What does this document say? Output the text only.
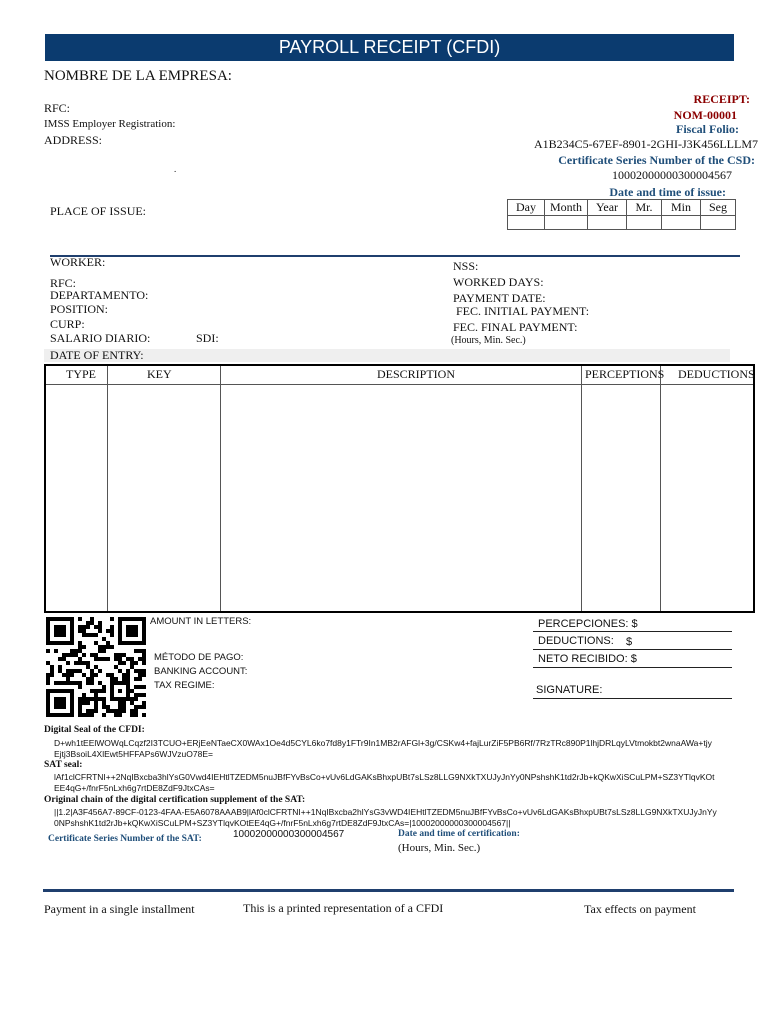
PAYROLL RECEIPT (CFDI)
NOMBRE DE LA EMPRESA:
RFC:
IMSS Employer Registration:
ADDRESS:
.
PLACE OF ISSUE:
RECEIPT:
NOM-00001
Fiscal Folio:
A1B234C5-67EF-8901-2GHI-J3K456LLLM7
Certificate Series Number of the CSD:
10002000000300004567
Date and time of issue:
Day	Month	Year	Mr.	Min	Seg

WORKER:
RFC:
DEPARTAMENTO:
POSITION:
CURP:
SALARIO DIARIO:	SDI:
DATE OF ENTRY:
NSS:
WORKED DAYS:
PAYMENT DATE:
FEC. INITIAL PAYMENT:
FEC. FINAL PAYMENT:
(Hours, Min. Sec.)
TYPE	KEY	DESCRIPTION	PERCEPTIONS DEDUCTIONS
AMOUNT IN LETTERS:
MÉTODO DE PAGO:
BANKING ACCOUNT:
TAX REGIME:
PERCEPCIONES: $
DEDUCTIONS: $
NETO RECIBIDO: $
SIGNATURE:
Digital Seal of the CFDI:
D+wh1tEElWOWqLCqzf2I3TCUO+ERjEeNTaeCX0WAx1Oe4d5CYL6ko7fd8y1FTr9In1MB2rAFGl+3g/CSKw4+fajLurZiF5PB6Rf/7RzTRc890P1lhjDRLqyLVtmokbt2wnaAWa+tjy
Ejtj3BsoiL4XlEwt5HFFAPs6WJVzuO78E=
SAT seal:
lAf1clCFRTNI++2NqIBxcba3hlYsG0Vwd4IEHtlTZEDM5nuJBfFYvBsCo+vUv6LdGAKsBhxpUBt7sLSz8LLG9NXkTXUJyJnYy0NPshshK1td2rJb+kQKwXiSCuLPM+SZ3YTlqvKOt
EE4qG+/fnrF5nLxh6g7rtDE8ZdF9JtxCAs=
Original chain of the digital certification supplement of the SAT:
||1.2|A3F456A7-89CF-0123-4FAA-E5A6078AAAB9|lAf0clCFRTNI++1NqIBxcba2hlYsG3vWD4IEHtlTZEDM5nuJBfFYvBsCo+vUv6LdGAKsBhxpUBt7sLSz8LLG9NXkTXUJyJnYy
0NPshshK1td2rJb+kQKwXiSCuLPM+SZ3YTlqvKOtEE4qG+/fnrF5nLxh6g7rtDE8ZdF9JtxCAs=|10002000000300004567||
Certificate Series Number of the SAT:	10002000000300004567	Date and time of certification:
(Hours, Min. Sec.)
Payment in a single installment	This is a printed representation of a CFDI	Tax effects on payment
